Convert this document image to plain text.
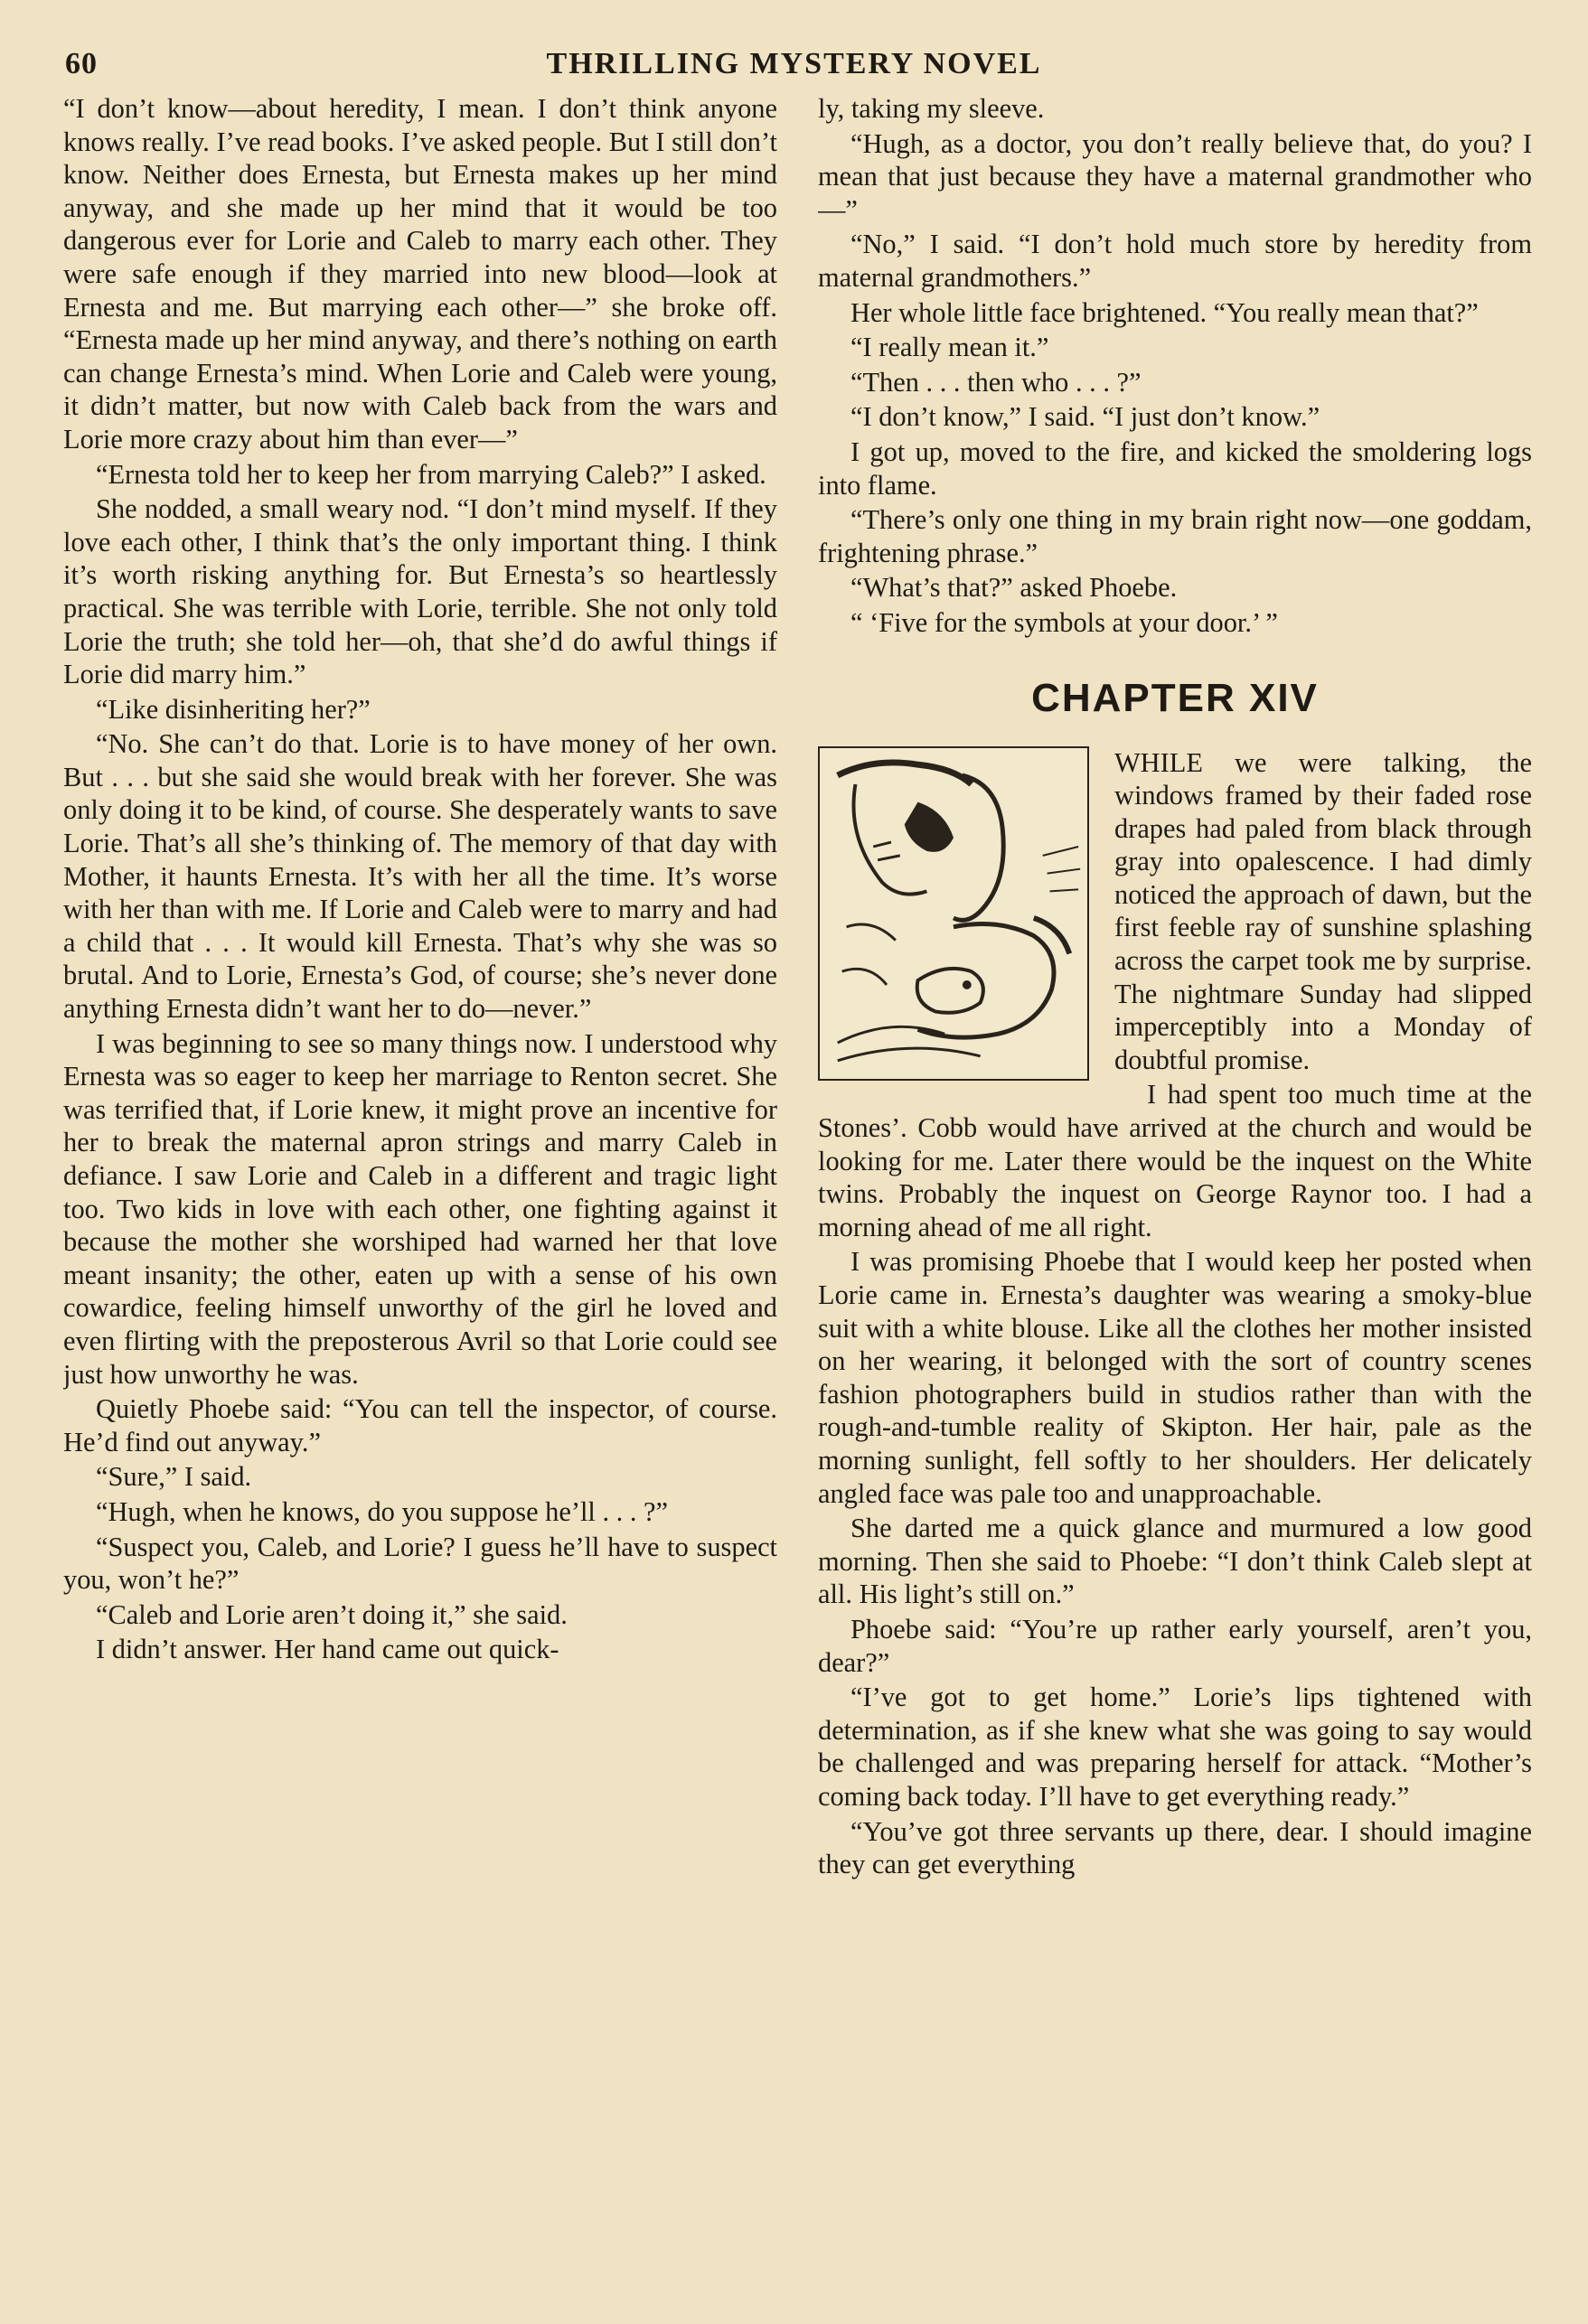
60	THRILLING MYSTERY NOVEL

“I don’t know—about heredity, I mean. I don’t think anyone knows really. I’ve read books. I’ve asked people. But I still don’t know. Neither does Ernesta, but Ernesta makes up her mind anyway, and she made up her mind that it would be too dangerous ever for Lorie and Caleb to marry each other. They were safe enough if they married into new blood—look at Ernesta and me. But marrying each other—” she broke off. “Ernesta made up her mind anyway, and there’s nothing on earth can change Ernesta’s mind. When Lorie and Caleb were young, it didn’t matter, but now with Caleb back from the wars and Lorie more crazy about him than ever—”

“Ernesta told her to keep her from marrying Caleb?” I asked.

She nodded, a small weary nod. “I don’t mind myself. If they love each other, I think that’s the only important thing. I think it’s worth risking anything for. But Ernesta’s so heartlessly practical. She was terrible with Lorie, terrible. She not only told Lorie the truth; she told her—oh, that she’d do awful things if Lorie did marry him.”

“Like disinheriting her?”

“No. She can’t do that. Lorie is to have money of her own. But . . . but she said she would break with her forever. She was only doing it to be kind, of course. She desperately wants to save Lorie. That’s all she’s thinking of. The memory of that day with Mother, it haunts Ernesta. It’s with her all the time. It’s worse with her than with me. If Lorie and Caleb were to marry and had a child that . . . It would kill Ernesta. That’s why she was so brutal. And to Lorie, Ernesta’s God, of course; she’s never done anything Ernesta didn’t want her to do—never.”

I was beginning to see so many things now. I understood why Ernesta was so eager to keep her marriage to Renton secret. She was terrified that, if Lorie knew, it might prove an incentive for her to break the maternal apron strings and marry Caleb in defiance. I saw Lorie and Caleb in a different and tragic light too. Two kids in love with each other, one fighting against it because the mother she worshiped had warned her that love meant insanity; the other, eaten up with a sense of his own cowardice, feeling himself unworthy of the girl he loved and even flirting with the preposterous Avril so that Lorie could see just how unworthy he was.

Quietly Phoebe said: “You can tell the inspector, of course. He’d find out anyway.”

“Sure,” I said.

“Hugh, when he knows, do you suppose he’ll . . . ?”

“Suspect you, Caleb, and Lorie? I guess he’ll have to suspect you, won’t he?”

“Caleb and Lorie aren’t doing it,” she said.

I didn’t answer. Her hand came out quick-

ly, taking my sleeve.

“Hugh, as a doctor, you don’t really believe that, do you? I mean that just because they have a maternal grandmother who—”

“No,” I said. “I don’t hold much store by heredity from maternal grandmothers.”

Her whole little face brightened. “You really mean that?”

“I really mean it.”

“Then . . . then who . . . ?”

“I don’t know,” I said. “I just don’t know.”

I got up, moved to the fire, and kicked the smoldering logs into flame.

“There’s only one thing in my brain right now—one goddam, frightening phrase.”

“What’s that?” asked Phoebe.

“ ‘Five for the symbols at your door.’ ”

CHAPTER XIV

WHILE we were talking, the windows framed by their faded rose drapes had paled from black through gray into opalescence. I had dimly noticed the approach of dawn, but the first feeble ray of sunshine splashing across the carpet took me by surprise. The nightmare Sunday had slipped imperceptibly into a Monday of doubtful promise.

I had spent too much time at the Stones’. Cobb would have arrived at the church and would be looking for me. Later there would be the inquest on the White twins. Probably the inquest on George Raynor too. I had a morning ahead of me all right.

I was promising Phoebe that I would keep her posted when Lorie came in. Ernesta’s daughter was wearing a smoky-blue suit with a white blouse. Like all the clothes her mother insisted on her wearing, it belonged with the sort of country scenes fashion photographers build in studios rather than with the rough-and-tumble reality of Skipton. Her hair, pale as the morning sunlight, fell softly to her shoulders. Her delicately angled face was pale too and unapproachable.

She darted me a quick glance and murmured a low good morning. Then she said to Phoebe: “I don’t think Caleb slept at all. His light’s still on.”

Phoebe said: “You’re up rather early yourself, aren’t you, dear?”

“I’ve got to get home.” Lorie’s lips tightened with determination, as if she knew what she was going to say would be challenged and was preparing herself for attack. “Mother’s coming back today. I’ll have to get everything ready.”

“You’ve got three servants up there, dear. I should imagine they can get everything
